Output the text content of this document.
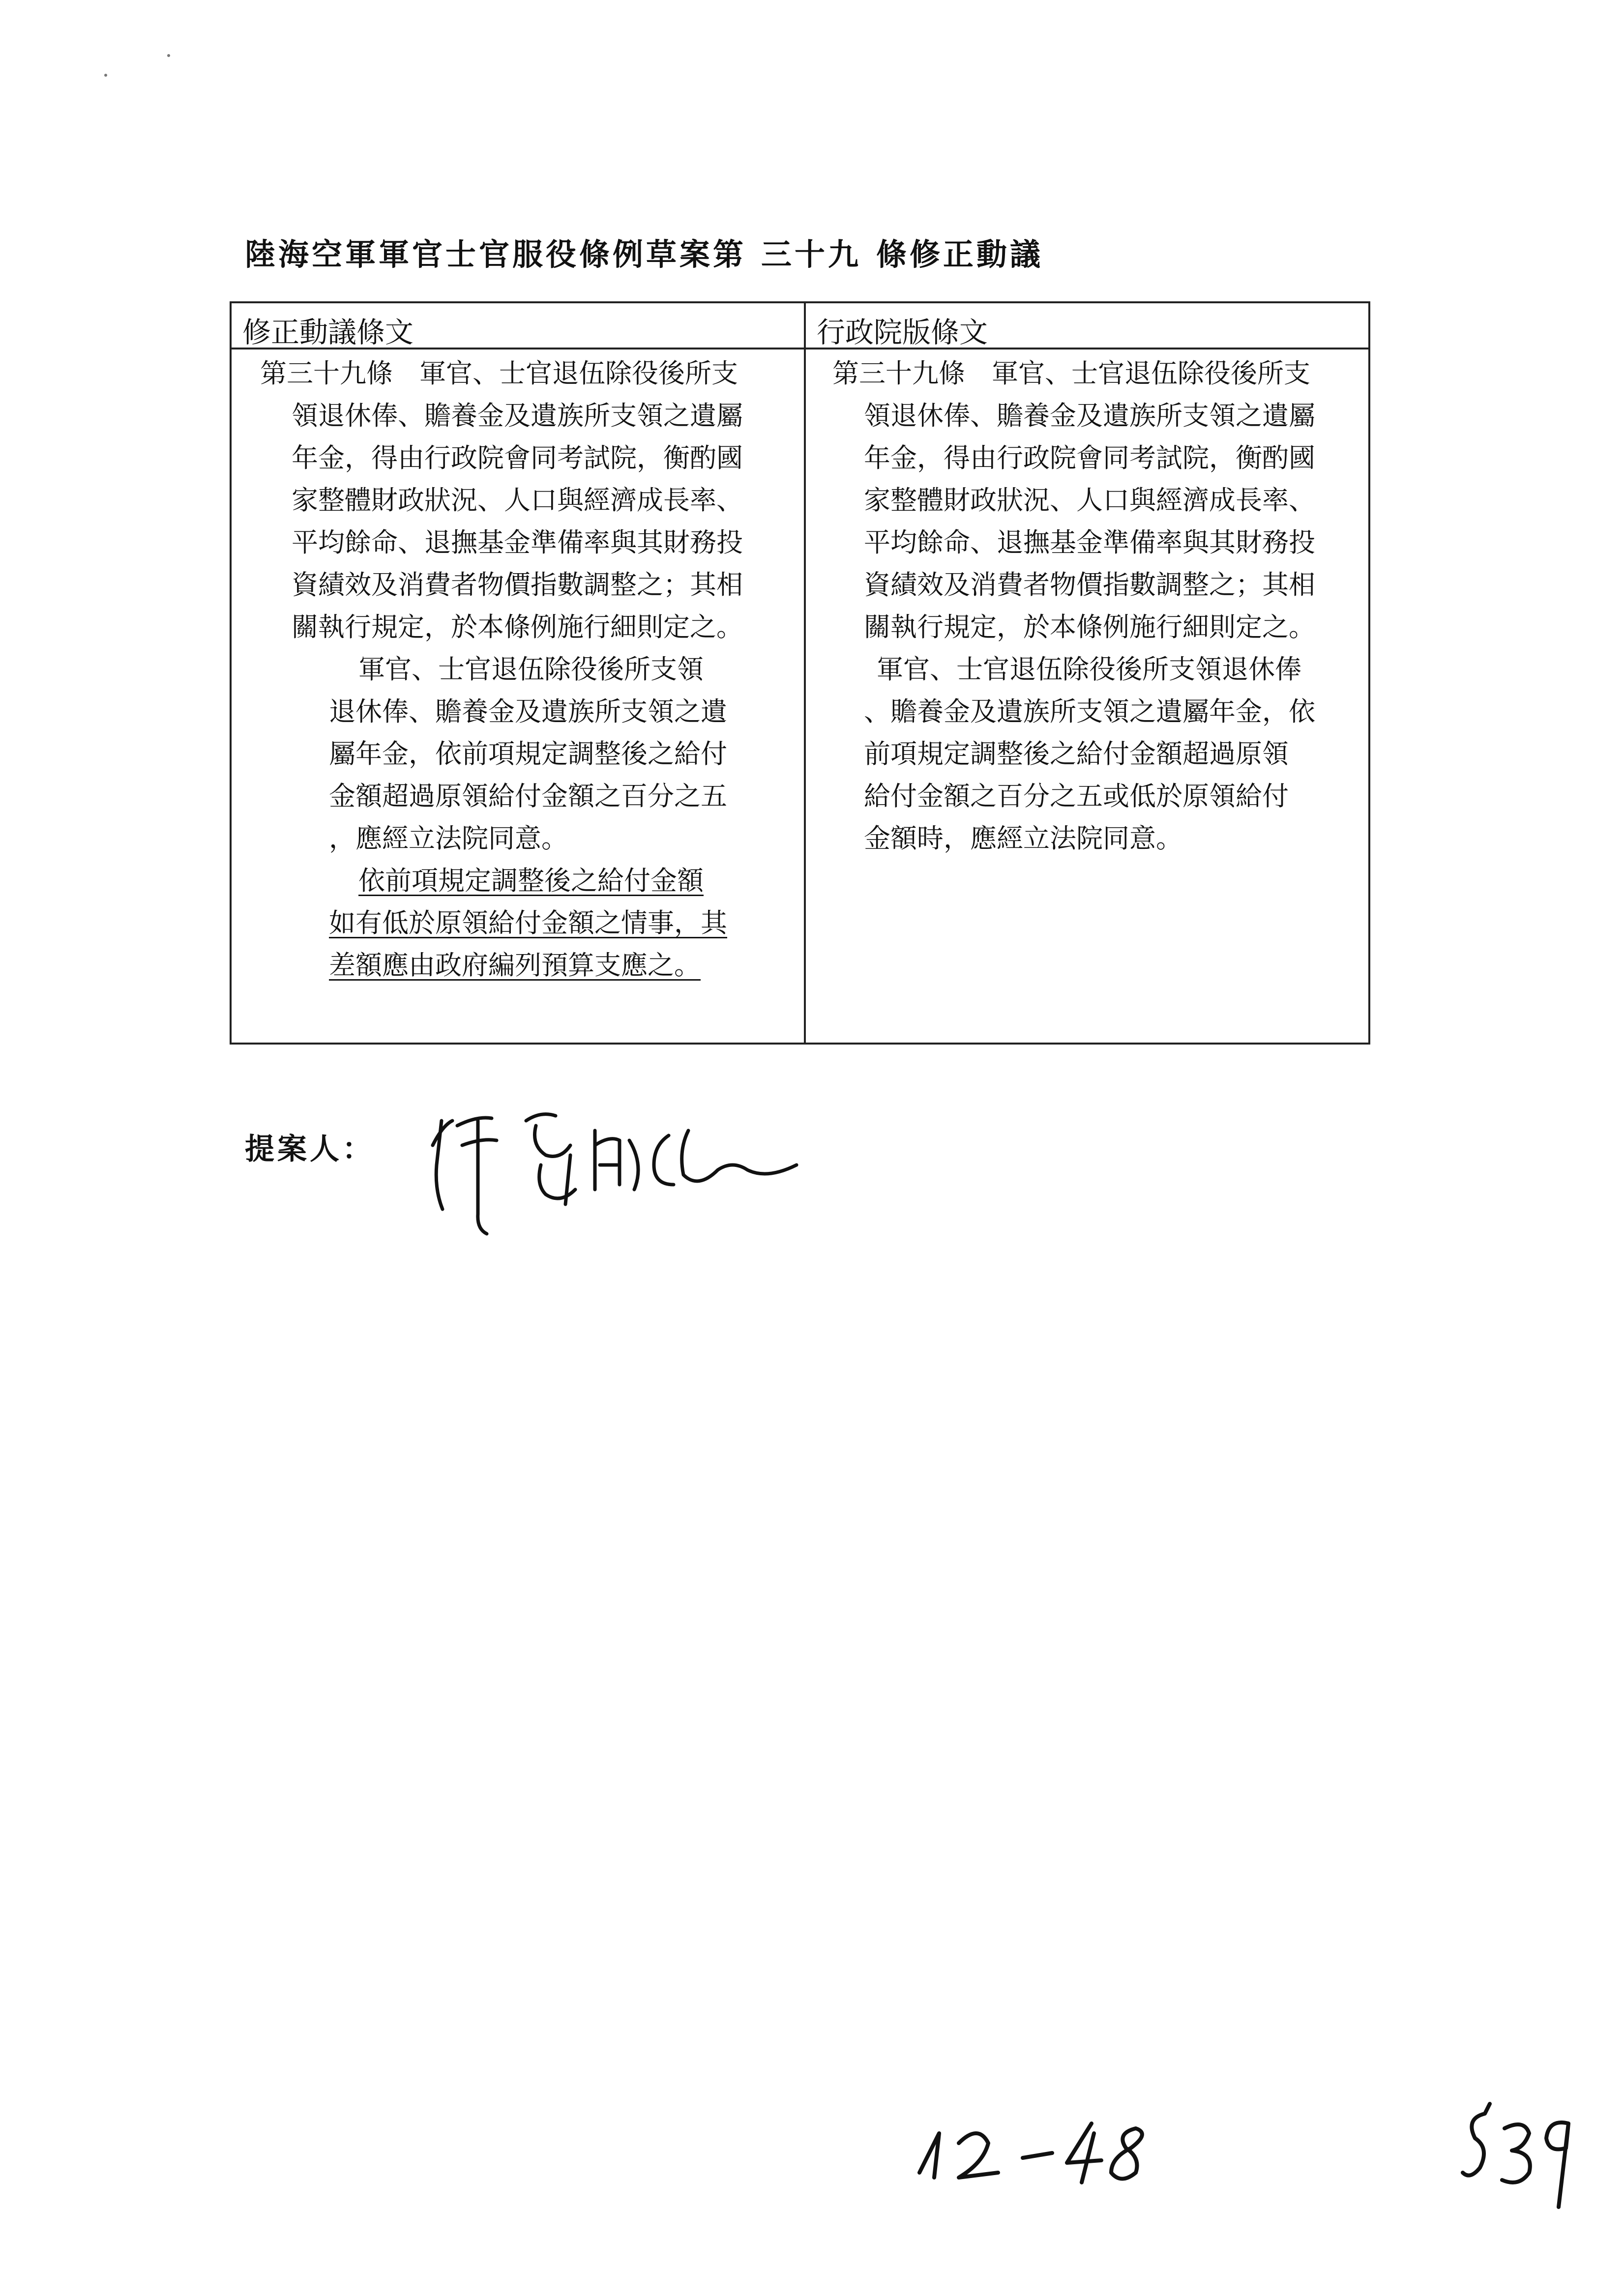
陸海空軍軍官士官服役條例草案第 三十九 條修正動議
修正動議條文	行政院版條文
第三十九條　軍官、士官退伍除役後所支
領退休俸、贍養金及遺族所支領之遺屬
年金，得由行政院會同考試院，衡酌國
家整體財政狀況、人口與經濟成長率、
平均餘命、退撫基金準備率與其財務投
資績效及消費者物價指數調整之；其相
關執行規定，於本條例施行細則定之。
軍官、士官退伍除役後所支領
退休俸、贍養金及遺族所支領之遺
屬年金，依前項規定調整後之給付
金額超過原領給付金額之百分之五
，應經立法院同意。
依前項規定調整後之給付金額
如有低於原領給付金額之情事，其
差額應由政府編列預算支應之。
第三十九條　軍官、士官退伍除役後所支
領退休俸、贍養金及遺族所支領之遺屬
年金，得由行政院會同考試院，衡酌國
家整體財政狀況、人口與經濟成長率、
平均餘命、退撫基金準備率與其財務投
資績效及消費者物價指數調整之；其相
關執行規定，於本條例施行細則定之。
軍官、士官退伍除役後所支領退休俸
、贍養金及遺族所支領之遺屬年金，依
前項規定調整後之給付金額超過原領
給付金額之百分之五或低於原領給付
金額時，應經立法院同意。
提案人：
